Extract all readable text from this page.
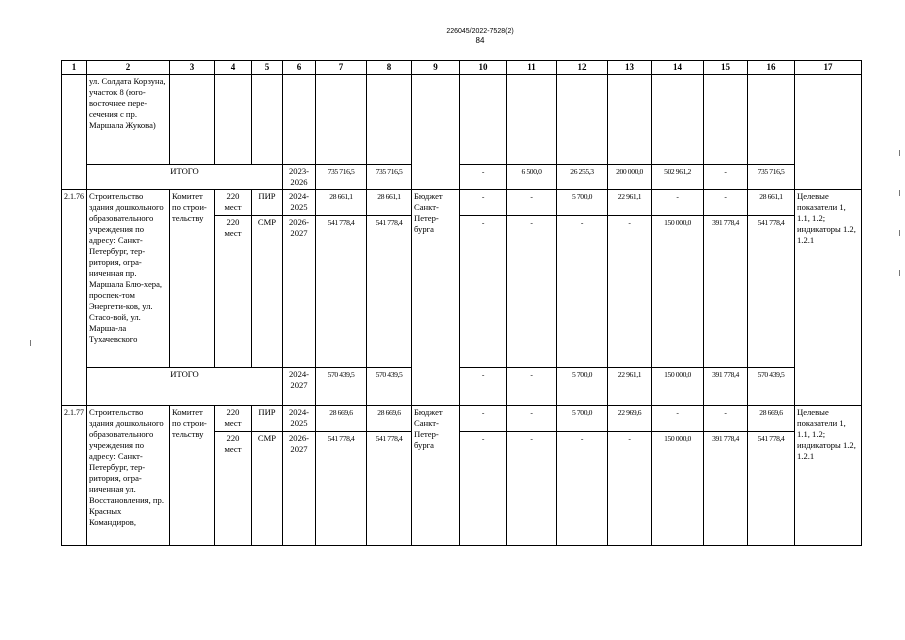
226045/2022-7528(2)
84
1	2	3	4	5	6	7	8	9	10	11	12	13	14	15	16	17
	ул. Солдата Корзуна, участок 8 (юго-восточнее пере-сечения с пр. Маршала Жукова)															
	ИТОГО				2023-2026	735 716,5	735 716,5		-	6 500,0	26 255,3	200 000,0	502 961,2	-	735 716,5	
2.1.76	Строительство здания дошкольного образовательного учреждения по адресу: Санкт-Петербург, тер-ритория, огра-ниченная пр. Маршала Блю-хера, проспек-том Энергети-ков, ул. Стасо-вой, ул. Марша-ла Тухачевского	Комитет по строи-тельству	220 мест	ПИР	2024-2025	28 661,1	28 661,1	Бюджет Санкт-Петер-бурга	-	-	5 700,0	22 961,1	-	-	28 661,1	Целевые показатели 1, 1.1, 1.2; индикаторы 1.2, 1.2.1
			220 мест	СМР	2026-2027	541 778,4	541 778,4		-	-	-	-	150 000,0	391 778,4	541 778,4	
	ИТОГО				2024-2027	570 439,5	570 439,5		-	-	5 700,0	22 961,1	150 000,0	391 778,4	570 439,5	
2.1.77	Строительство здания дошкольного образовательного учреждения по адресу: Санкт-Петербург, тер-ритория, огра-ниченная ул. Восстановления, пр. Красных Командиров,	Комитет по строи-тельству	220 мест	ПИР	2024-2025	28 669,6	28 669,6	Бюджет Санкт-Петер-бурга	-	-	5 700,0	22 969,6	-	-	28 669,6	Целевые показатели 1, 1.1, 1.2; индикаторы 1.2, 1.2.1
			220 мест	СМР	2026-2027	541 778,4	541 778,4		-	-	-	-	150 000,0	391 778,4	541 778,4	
